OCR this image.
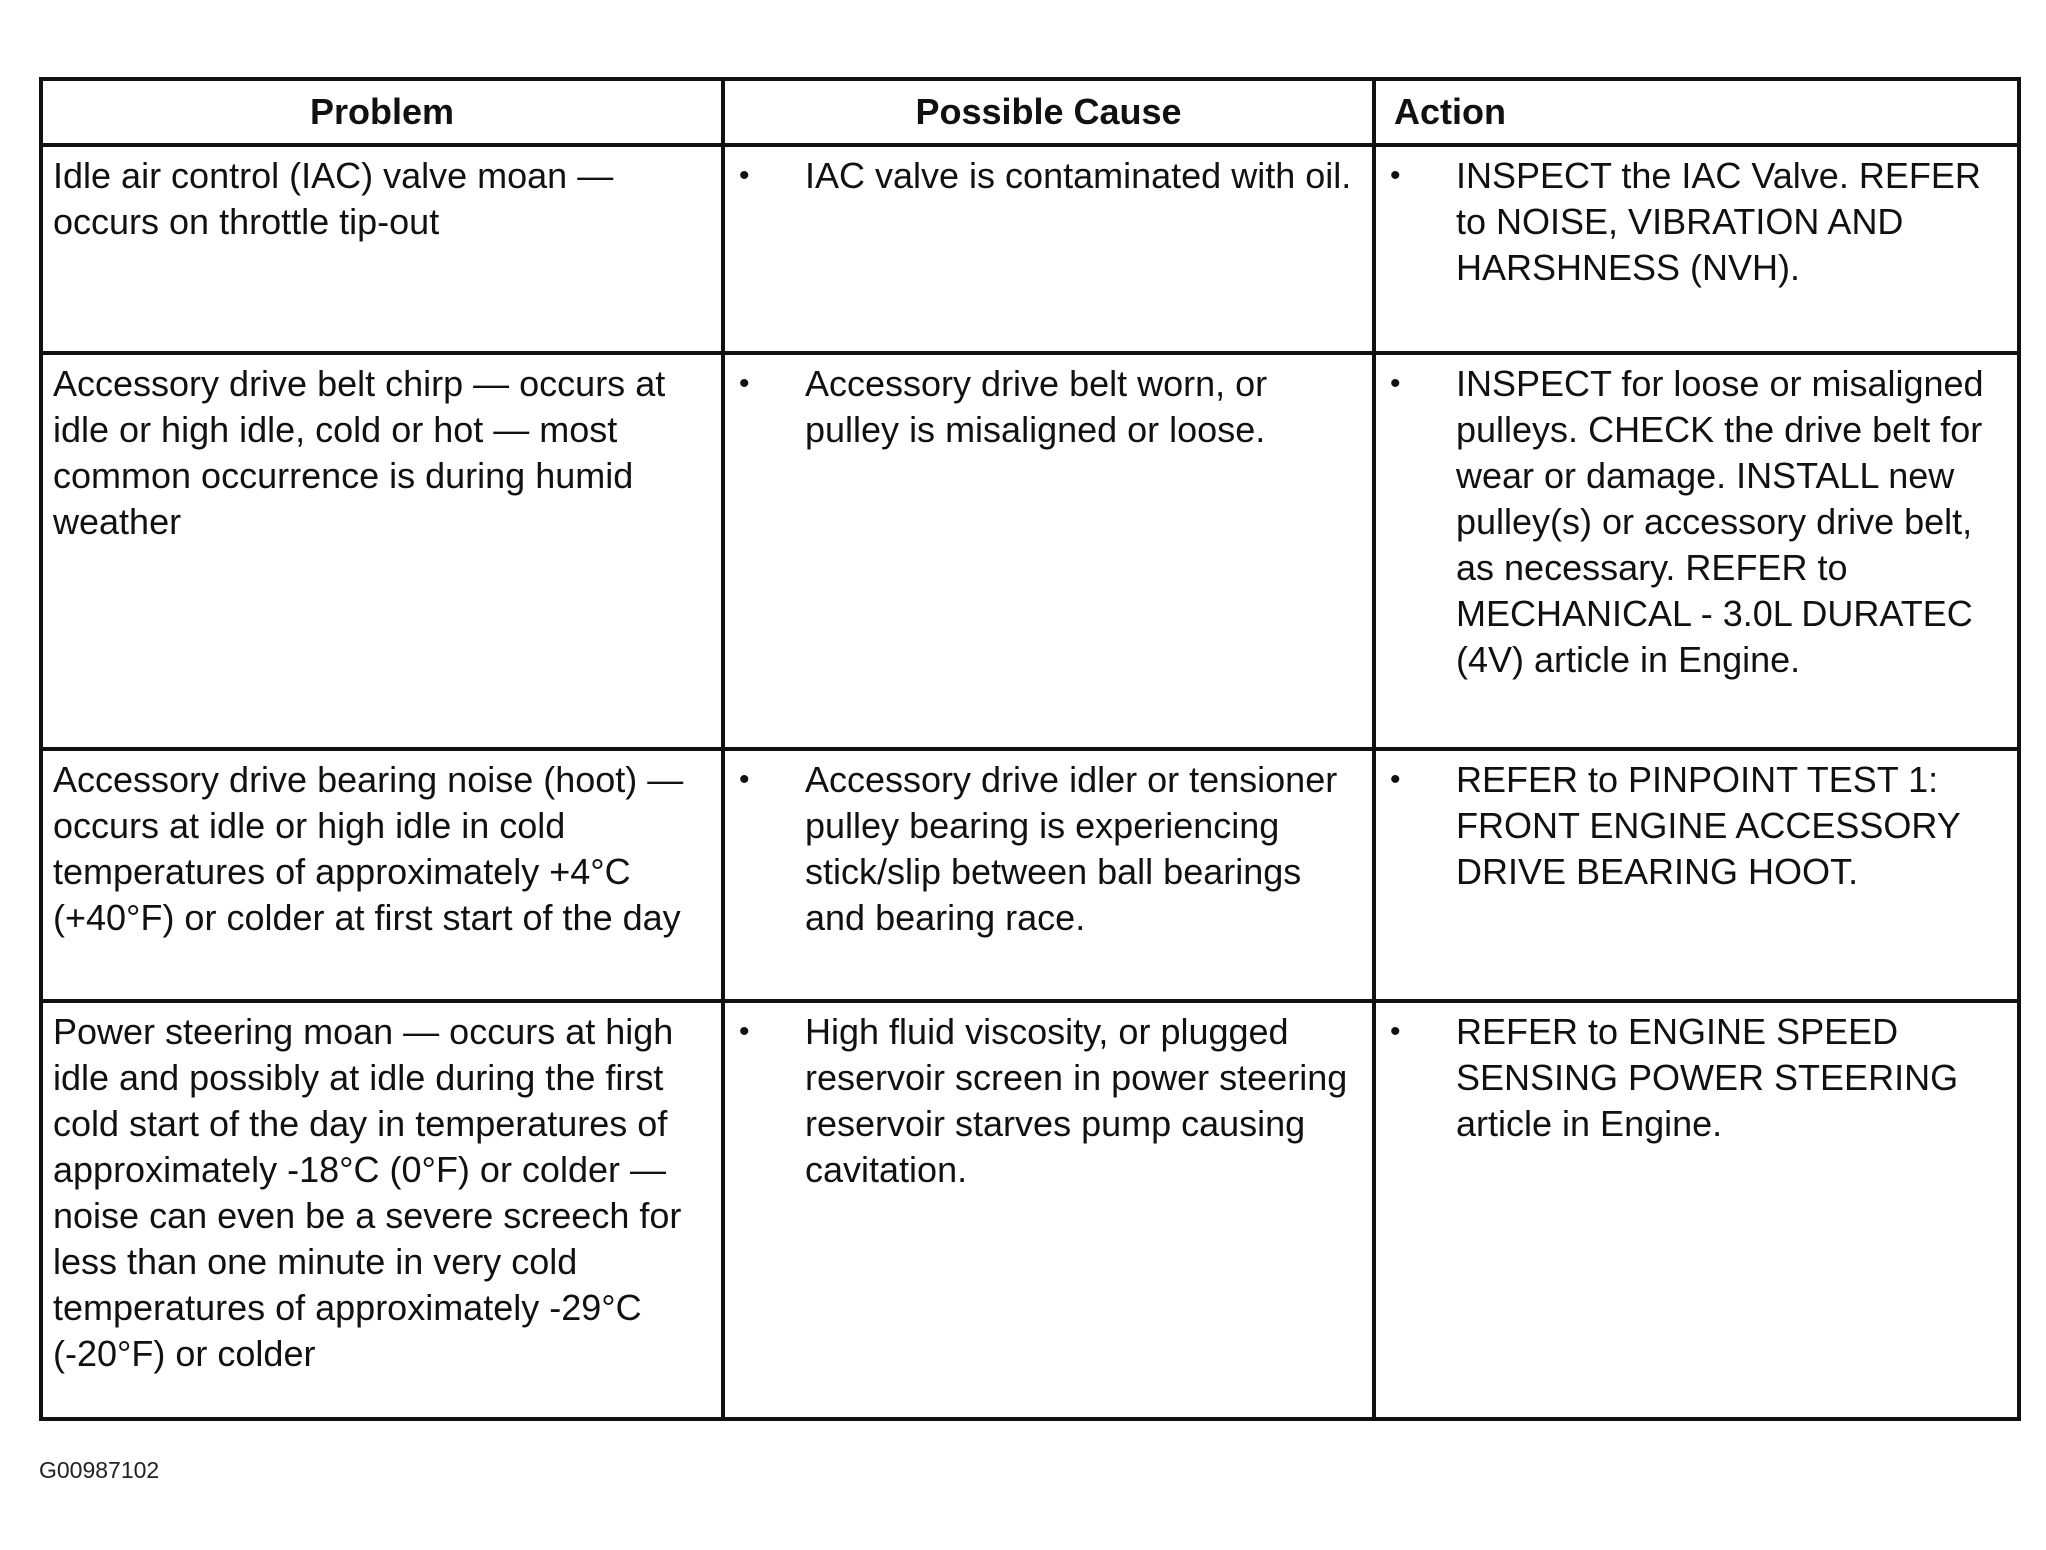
Problem	Possible Cause	Action
Idle air control (IAC) valve moan — occurs on throttle tip-out	• IAC valve is contaminated with oil.	• INSPECT the IAC Valve. REFER to NOISE, VIBRATION AND HARSHNESS (NVH).

Accessory drive belt chirp — occurs at idle or high idle, cold or hot — most common occurrence is during humid weather	• Accessory drive belt worn, or pulley is misaligned or loose.	• INSPECT for loose or misaligned pulleys. CHECK the drive belt for wear or damage. INSTALL new pulley(s) or accessory drive belt, as necessary. REFER to MECHANICAL - 3.0L DURATEC (4V) article in Engine.

Accessory drive bearing noise (hoot) — occurs at idle or high idle in cold temperatures of approximately +4°C (+40°F) or colder at first start of the day	• Accessory drive idler or tensioner pulley bearing is experiencing stick/slip between ball bearings and bearing race.	• REFER to PINPOINT TEST 1: FRONT ENGINE ACCESSORY DRIVE BEARING HOOT.

Power steering moan — occurs at high idle and possibly at idle during the first cold start of the day in temperatures of approximately -18°C (0°F) or colder — noise can even be a severe screech for less than one minute in very cold temperatures of approximately -29°C (-20°F) or colder	• High fluid viscosity, or plugged reservoir screen in power steering reservoir starves pump causing cavitation.	• REFER to ENGINE SPEED SENSING POWER STEERING article in Engine.
G00987102
